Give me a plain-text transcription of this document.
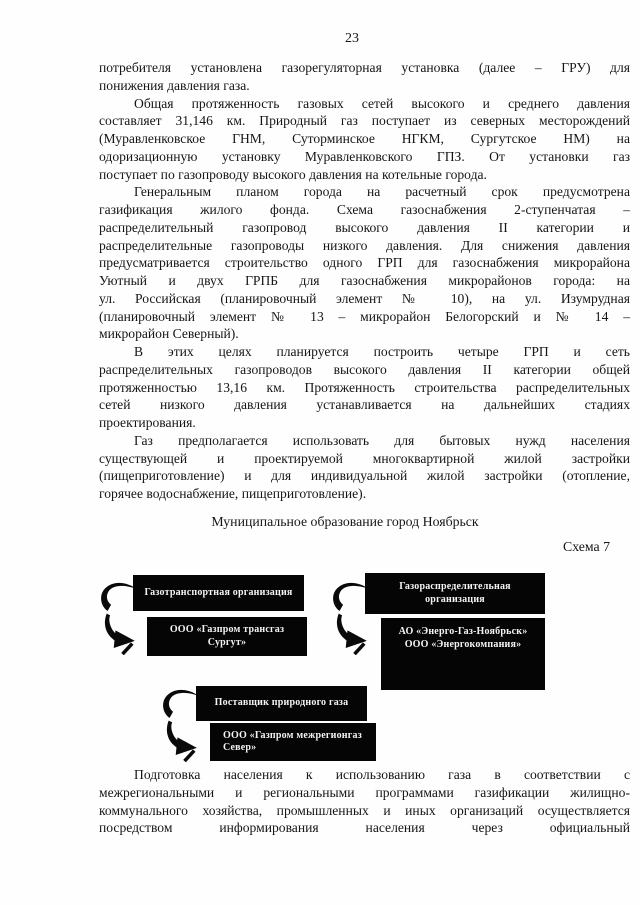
23
потребителя установлена газорегуляторная установка (далее – ГРУ) для
понижения давления газа.
Общая протяженность газовых сетей высокого и среднего давления
составляет 31,146 км. Природный газ поступает из северных месторождений
(Муравленковское ГНМ, Суторминское НГКМ, Сургутское НМ) на
одоризационную установку Муравленковского ГПЗ. От установки газ
поступает по газопроводу высокого давления на котельные города.
Генеральным планом города на расчетный срок предусмотрена
газификация жилого фонда. Схема газоснабжения 2-ступенчатая –
распределительный газопровод высокого давления II категории и
распределительные газопроводы низкого давления. Для снижения давления
предусматривается строительство одного ГРП для газоснабжения микрорайона
Уютный и двух ГРПБ для газоснабжения микрорайонов города: на
ул. Российская (планировочный элемент № 10), на ул. Изумрудная
(планировочный элемент № 13 – микрорайон Белогорский и № 14 –
микрорайон Северный).
В этих целях планируется построить четыре ГРП и сеть
распределительных газопроводов высокого давления II категории общей
протяженностью 13,16 км. Протяженность строительства распределительных
сетей низкого давления устанавливается на дальнейших стадиях
проектирования.
Газ предполагается использовать для бытовых нужд населения
существующей и проектируемой многоквартирной жилой застройки
(пищеприготовление) и для индивидуальной жилой застройки (отопление,
горячее водоснабжение, пищеприготовление).
Муниципальное образование город Ноябрьск
Схема 7
Газотранспортная организация
ООО «Газпром трансгаз
Сургут»
Газораспределительная
организация
АО «Энерго-Газ-Ноябрьск»
ООО «Энергокомпания»
Поставщик природного газа
ООО «Газпром межрегионгаз
Север»
Подготовка населения к использованию газа в соответствии с
межрегиональными и региональными программами газификации жилищно-
коммунального хозяйства, промышленных и иных организаций осуществляется
посредством информирования населения через официальный
